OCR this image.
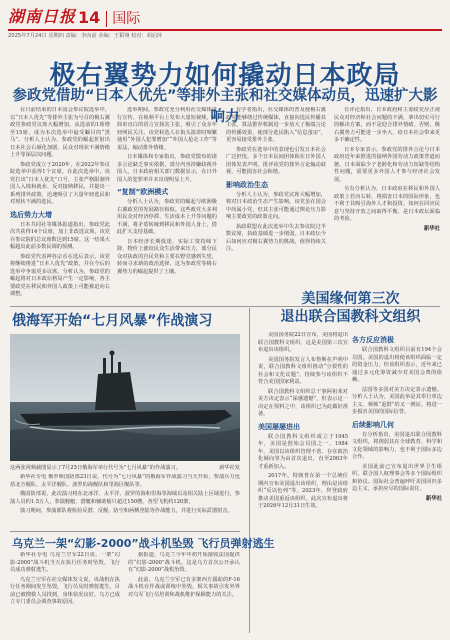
湖南日报 14 国际
2025年7月24日 星期四 责编：李向前 美编：王韬翔 校对：胡启萍
极右翼势力如何撬动日本政局
参政党借助“日本人优先”等排外主张和社交媒体动员，迅速扩大影响力

在日前结束的日本国会参议院选举中，以“日本人优先”等排外主张为号召的极右翼政党参政党议席大幅增加，从选前的1席增至15席，成为本次选举中最受瞩目的“黑马”。分析人士认为，参政党的崛起折射出日本社会右倾化加剧、民众对现状不满情绪上升等深层次问题。

参政党成立于2020年，在2022年参议院选举中获得1个议席。在此次选举中，该党打出“日本人优先”口号，主张严格限制外国人入境和就业、反对接纳移民，并提出一系列排外政策，迅速吸引了大量年轻选民和对现状不满的选民。

选后势力大增

日本共同社等媒体报道指出，参政党此次共获得14个议席，加上非改选议席，该党在参议院的总议席数达到15席。这一结果大幅超出此前多数民调的预测。

参政党代表神谷宗币在选后表示，该党将继续推进“日本人优先”政策，并在今后的选举中争取更多议席。分析认为，参政党的崛起将对日本政坛格局产生一定影响，各主要政党在移民和外国人政策上可能被迫向右调整。

选举期间，参政党充分利用社交媒体进行宣传，在视频平台上发布大量短视频，以简单直白的语言宣扬其主张，吸引了众多年轻网民关注。该党候选人在街头演讲时频繁使用“外国人犯罪增加”“外国人抢走工作”等说法，煽动排外情绪。

日本媒体和专家指出，参政党散布的诸多言论缺乏事实依据，部分内容涉嫌歧视外国人。日本政府相关部门数据显示，在日外国人的犯罪率并未出现明显上升。

“复制”欧洲模式

分析人士认为，参政党的崛起与欧洲极右翼政党的发展路径相似。这些政党大多利用民众对经济停滞、生活成本上升等问题的不满，将矛盾转嫁到移民和外国人身上，借此扩大支持基础。

日本经济长期低迷，实际工资持续下降，物价上涨给民众生活带来压力，部分民众对执政的自民党和主要在野党感到失望，转而寻求新的政治选择。这为参政党等极右翼势力的崛起提供了土壤。

有学者指出，社交媒体的普及使极右翼政党能够绕过传统媒体，直接向选民传播其主张。算法推荐机制进一步放大了极端言论的传播效果，使部分选民陷入“信息茧房”，更容易接受排外主张。

参政党在选举中的表现也引发日本社会广泛担忧。多个日本民间团体和在日外国人团体发表声明，批评该党的排外言论煽动歧视，可能损害社会和谐。

影响政治生态

分析人士认为，参政党议席大幅增加，将对日本政治生态产生影响。该党虽在国会中尚属小党，但其主张可能通过舆论压力影响主要政党的政策走向。

执政联盟在此次选举中失去参议院过半数议席，执政基础进一步削弱。日本政坛今后如何应对极右翼势力的挑战，值得持续关注。

有评论指出，日本政府和主要政党应正视民众对经济和社会问题的不满，拿出切实可行的解决方案，而不是迎合排外情绪。否则，极右翼势力可能进一步坐大，给日本社会带来更多不确定性。

日本专家表示，参政党的排外言论与日本政府近年来推进的接纳外国劳动力政策背道而驰。日本面临少子老龄化和劳动力短缺等结构性问题，需要更多外国人才参与经济社会发展。

另有分析认为，日本政府在移民和外国人政策上若向右转，将损害日本的国际形象，也不利于其吸引海外人才和投资。如何在回应民意与坚持开放之间取得平衡，是日本政坛面临的考验。

新华社
俄海军开始“七月风暴”作战演习
这两张视频截图显示了7月23日俄海军举行代号为“七月风暴”的作战演习。	新华社发

新华社专电 俄罗斯国防部23日说，代号为“七月风暴”的俄海军作战演习当天开始，参演兵力包括北方舰队、太平洋舰队、波罗的海舰队和里海区舰队等。

俄国防部说，此次演习将在北冰洋、太平洋、波罗的海和里海等海域以及相关陆上区域进行，参演人员约1.5万人，参演舰艇、潜艇和辅助船只超过150艘，各型飞机约120架。

演习期间，参演部队将检验反潜、反舰、防空和两栖登陆等作战能力，并进行实际武器射击。

美国缘何第三次
退出联合国教科文组织

美国国务院22日宣布，美国将退出联合国教科文组织。这是美国第三次宣布退出该组织。

美国国务院发言人布鲁斯在声明中说，联合国教科文组织推动“分裂性的社会和文化议题”，持续参与该组织不符合美国国家利益。

联合国教科文组织总干事阿祖莱对美方决定表示“深感遗憾”，但表示这一决定在预料之中，该组织已为此做好准备。

美国屡屡进出

联合国教科文组织成立于1945年，美国是创始会员国之一。1984年，美国以该组织管理不善、存在政治化倾向等为由首次退出，直至2003年才重新加入。

2017年，特朗普在第一个总统任期内宣布美国退出该组织，理由是该组织“反以色列”等。2023年，拜登政府推动美国重返该组织。此次宣布退出将于2026年12月31日生效。

各方反应消极

联合国教科文组织目前有194个会员国。美国的退出将使该组织面临一定的资金压力，但该组织表示，近年来已通过多元化筹资减少对美国会费的依赖。

法国等多国对美方决定表示遗憾。分析人士认为，美国此举是其奉行单边主义、频频“退群”的又一例证，将进一步损害美国的国际信誉。

后续影响几何

有分析指出，美国退出联合国教科文组织，将削弱其在全球教育、科学和文化领域的影响力，也不利于国际多边合作。

美国此前已宣布退出世界卫生组织、联合国人权理事会等多个国际组织和协议。国际社会普遍呼吁美国回归多边主义，承担应尽的国际责任。

新华社
乌克兰一架“幻影-2000”战斗机坠毁 飞行员弹射逃生

新华社专电 乌克兰空军22日说，一架“幻影-2000”战斗机当天在执行任务时坠毁，飞行员成功弹射逃生。

乌克兰空军在社交媒体发文说，该战机在执行任务期间发生坠毁，飞行员及时弹射逃生，目前已被搜救人员找到，身体状况良好。乌方已成立专门委员会调查事故原因。

据报道，乌克兰今年年初开始接收法国提供的“幻影-2000”战斗机。这是乌方首次公开承认有“幻影-2000”战机坠毁。

此前，乌克兰空军已有多架西方援助的F-16战斗机在作战或训练中坠毁，相关事故引发外界对乌军飞行员培训和战机维护保障能力的关注。
